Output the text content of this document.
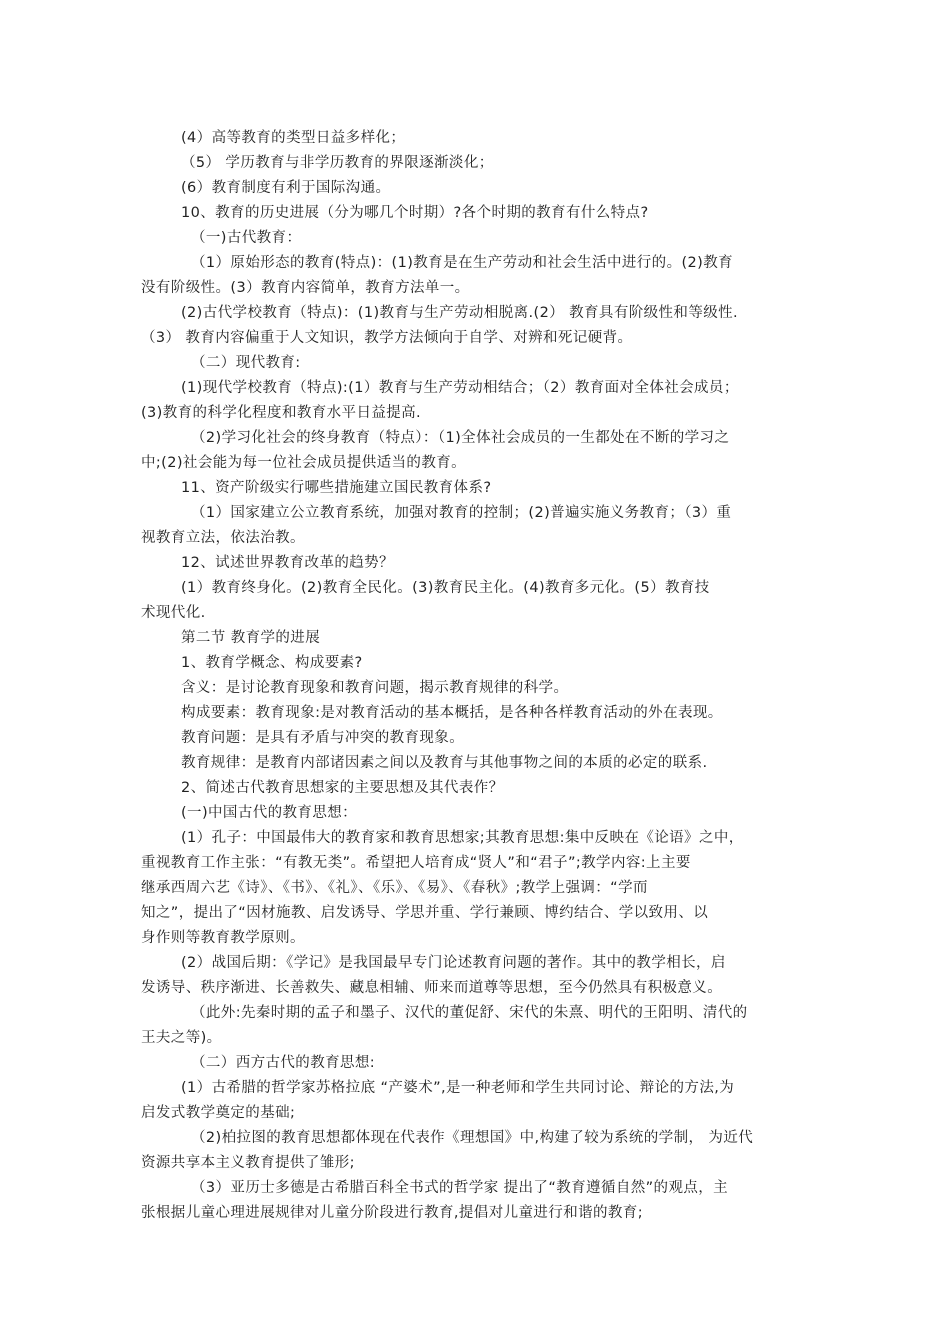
(4）高等教育的类型日益多样化；
（5） 学历教育与非学历教育的界限逐渐淡化；
(6）教育制度有利于国际沟通。
10、教育的历史进展（分为哪几个时期）?各个时期的教育有什么特点?
（一)古代教育：
（1）原始形态的教育(特点)：(1)教育是在生产劳动和社会生活中进行的。(2)教育
没有阶级性。(3）教育内容简单，教育方法单一。
(2)古代学校教育（特点)：(1)教育与生产劳动相脱离.(2） 教育具有阶级性和等级性.
（3） 教育内容偏重于人文知识，教学方法倾向于自学、对辨和死记硬背。
（二）现代教育:
(1)现代学校教育（特点):(1）教育与生产劳动相结合；（2）教育面对全体社会成员；
(3)教育的科学化程度和教育水平日益提高.
（2)学习化社会的终身教育（特点）：（1)全体社会成员的一生都处在不断的学习之
中;(2)社会能为每一位社会成员提供适当的教育。
11、资产阶级实行哪些措施建立国民教育体系?
（1）国家建立公立教育系统，加强对教育的控制；(2)普遍实施义务教育；（3）重
视教育立法，依法治教。
12、试述世界教育改革的趋势？
(1）教育终身化。(2)教育全民化。(3)教育民主化。(4)教育多元化。(5）教育技
术现代化.
第二节 教育学的进展
1、教育学概念、构成要素?
含义：是讨论教育现象和教育问题，揭示教育规律的科学。
构成要素：教育现象:是对教育活动的基本概括，是各种各样教育活动的外在表现。
教育问题：是具有矛盾与冲突的教育现象。
教育规律：是教育内部诸因素之间以及教育与其他事物之间的本质的必定的联系.
2、简述古代教育思想家的主要思想及其代表作？
(一)中国古代的教育思想：
(1）孔子：中国最伟大的教育家和教育思想家;其教育思想:集中反映在《论语》之中，
重视教育工作主张：“有教无类”。希望把人培育成“贤人”和“君子”;教学内容:上主要
继承西周六艺《诗》、《书》、《礼》、《乐》、《易》、《春秋》;教学上强调：“学而
知之”，提出了“因材施教、启发诱导、学思并重、学行兼顾、博约结合、学以致用、以
身作则等教育教学原则。
(2）战国后期：《学记》是我国最早专门论述教育问题的著作。其中的教学相长，启
发诱导、秩序渐进、长善救失、藏息相辅、师来而道尊等思想，至今仍然具有积极意义。
（此外:先秦时期的孟子和墨子、汉代的董促舒、宋代的朱熹、明代的王阳明、清代的
王夫之等)。
（二）西方古代的教育思想:
(1）古希腊的哲学家苏格拉底 “产婆术”,是一种老师和学生共同讨论、辩论的方法,为
启发式教学奠定的基础;
（2)柏拉图的教育思想都体现在代表作《理想国》中,构建了较为系统的学制， 为近代
资源共享本主义教育提供了雏形;
（3）亚历士多德是古希腊百科全书式的哲学家 提出了“教育遵循自然”的观点，主
张根据儿童心理进展规律对儿童分阶段进行教育,提倡对儿童进行和谐的教育;
